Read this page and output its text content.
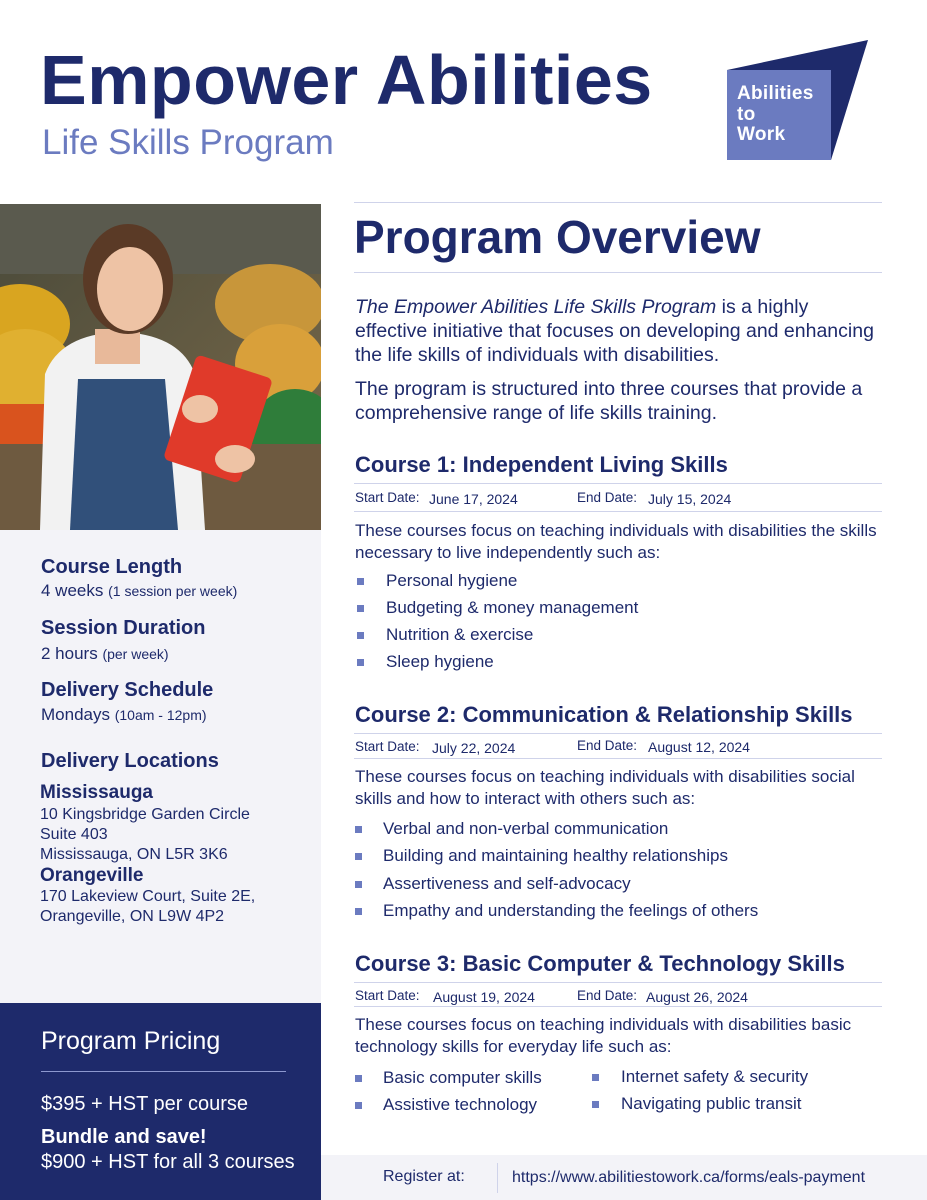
Empower Abilities
Life Skills Program
Abilities
to
Work
Course Length
4 weeks (1 session per week)
Session Duration
2 hours (per week)
Delivery Schedule
Mondays (10am - 12pm)
Delivery Locations
Mississauga
10 Kingsbridge Garden Circle
Suite 403
Mississauga, ON L5R 3K6
Orangeville
170 Lakeview Court, Suite 2E,
Orangeville, ON L9W 4P2
Program Pricing
$395 + HST per course
Bundle and save!
$900 + HST for all 3 courses
Program Overview
The Empower Abilities Life Skills Program is a highly effective initiative that focuses on developing and enhancing the life skills of individuals with disabilities.
The program is structured into three courses that provide a comprehensive range of life skills training.
Course 1: Independent Living Skills
Start Date: June 17, 2024	End Date: July 15, 2024
These courses focus on teaching individuals with disabilities the skills necessary to live independently such as:
Personal hygiene
Budgeting & money management
Nutrition & exercise
Sleep hygiene
Course 2: Communication & Relationship Skills
Start Date: July 22, 2024	End Date: August 12, 2024
These courses focus on teaching individuals with disabilities social skills and how to interact with others such as:
Verbal and non-verbal communication
Building and maintaining healthy relationships
Assertiveness and self-advocacy
Empathy and understanding the feelings of others
Course 3: Basic Computer & Technology Skills
Start Date: August 19, 2024	End Date: August 26, 2024
These courses focus on teaching individuals with disabilities basic technology skills for everyday life such as:
Basic computer skills
Assistive technology
Internet safety & security
Navigating public transit
Register at:	https://www.abilitiestowork.ca/forms/eals-payment
